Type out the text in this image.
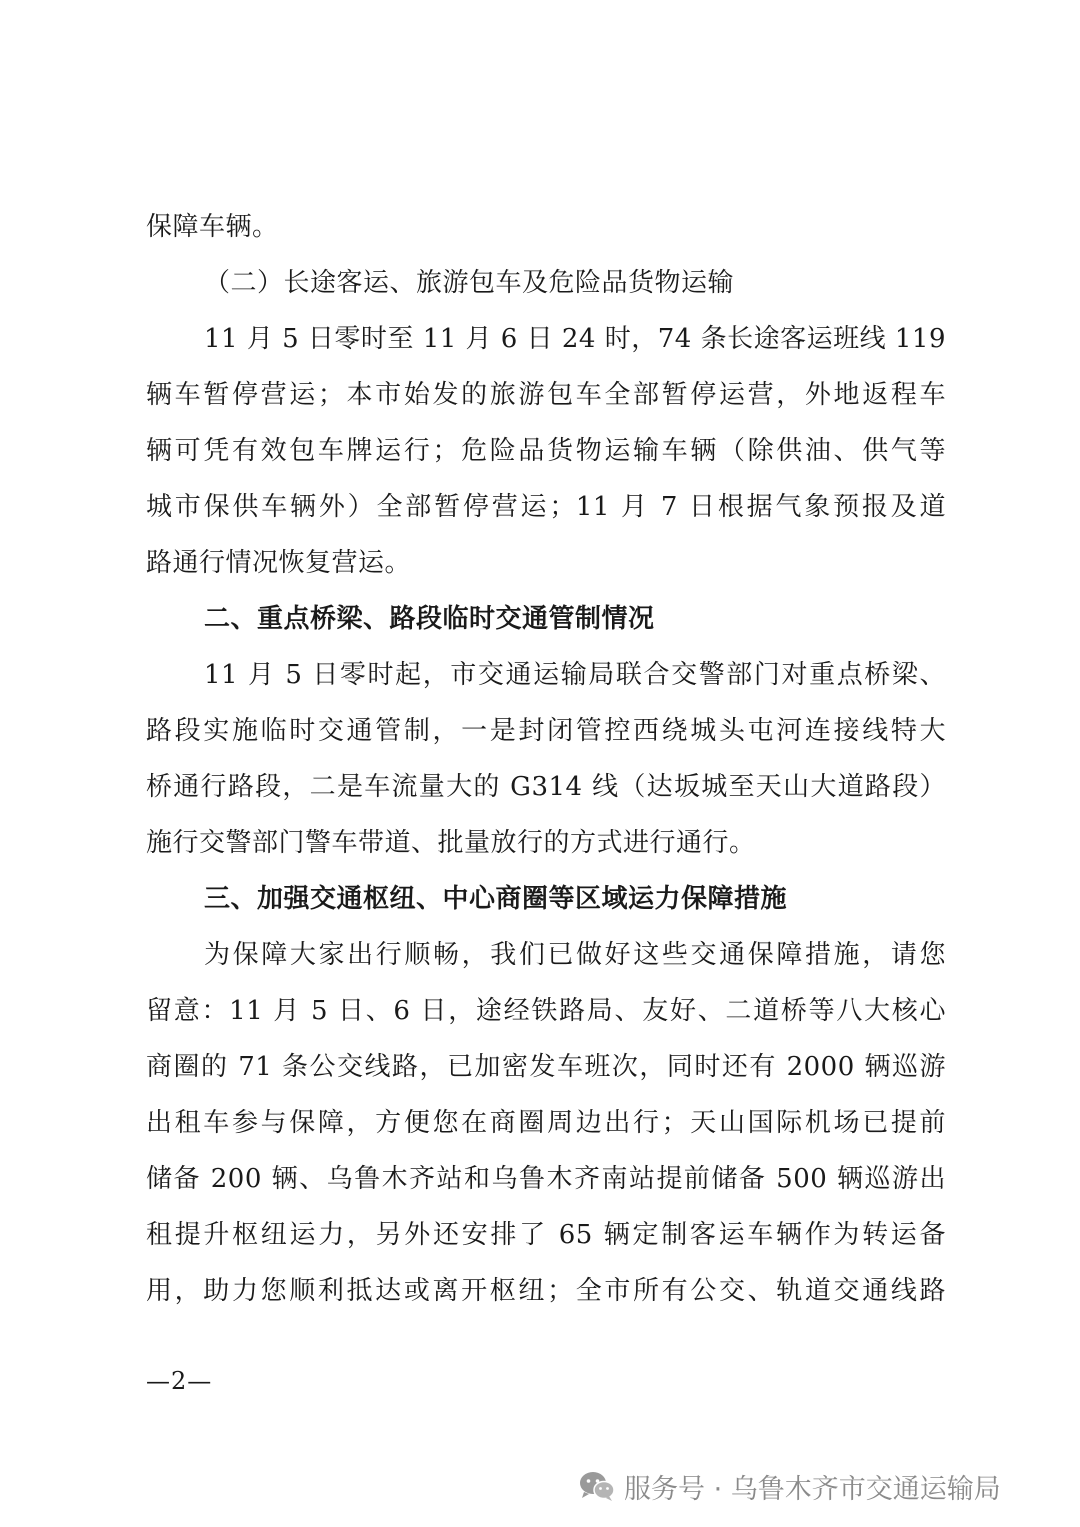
保障车辆。
（二）长途客运、旅游包车及危险品货物运输
11 月 5 日零时至 11 月 6 日 24 时，74 条长途客运班线 119
辆车暂停营运；本市始发的旅游包车全部暂停运营，外地返程车
辆可凭有效包车牌运行；危险品货物运输车辆（除供油、供气等
城市保供车辆外）全部暂停营运；11 月 7 日根据气象预报及道
路通行情况恢复营运。
二、重点桥梁、路段临时交通管制情况
11 月 5 日零时起，市交通运输局联合交警部门对重点桥梁、
路段实施临时交通管制，一是封闭管控西绕城头屯河连接线特大
桥通行路段，二是车流量大的 G314 线（达坂城至天山大道路段）
施行交警部门警车带道、批量放行的方式进行通行。
三、加强交通枢纽、中心商圈等区域运力保障措施
为保障大家出行顺畅，我们已做好这些交通保障措施，请您
留意：11 月 5 日、6 日，途经铁路局、友好、二道桥等八大核心
商圈的 71 条公交线路，已加密发车班次，同时还有 2000 辆巡游
出租车参与保障，方便您在商圈周边出行；天山国际机场已提前
储备 200 辆、乌鲁木齐站和乌鲁木齐南站提前储备 500 辆巡游出
租提升枢纽运力，另外还安排了 65 辆定制客运车辆作为转运备
用，助力您顺利抵达或离开枢纽；全市所有公交、轨道交通线路
—2—
服务号 · 乌鲁木齐市交通运输局
